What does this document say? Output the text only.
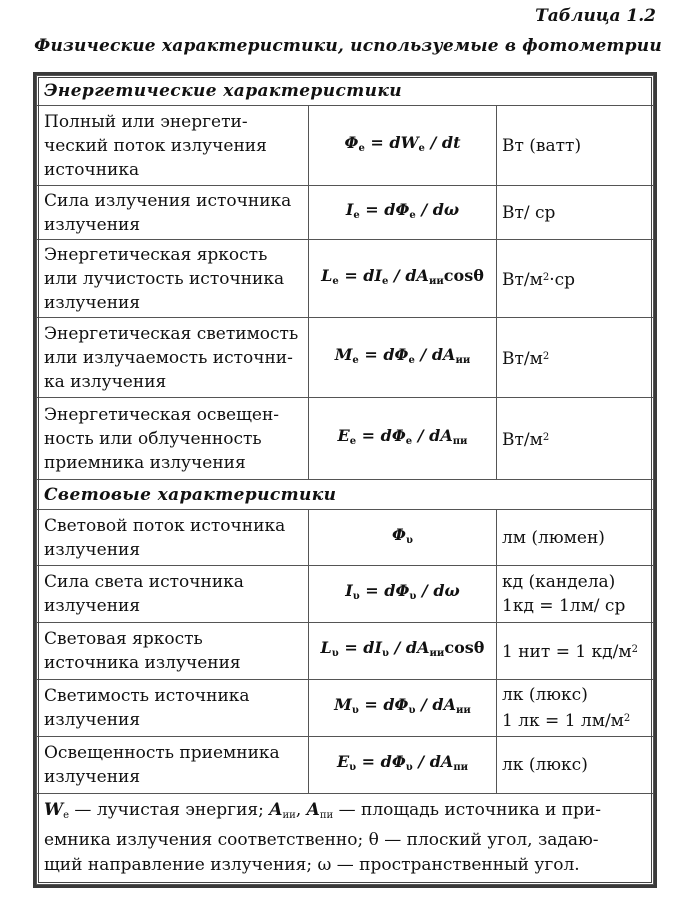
Таблица 1.2
Физические характеристики, используемые в фотометрии
Энергетические характеристики		
Полный или энергети-
ческий поток излучения
источника	$\Phi_e = dW_e$ / dt	Вт (ватт)
Сила излучения источника
излучения	$I_e = d\Phi_e / d\omega$	Вт/ ср
Энергетическая яркость
или лучистость источника
излучения	$L_e = dI_e / dA_{ии}\cos\theta$	$Вт/м^2\cdot ср$
Энергетическая светимость
или излучаемость источни-
ка излучения	$M_e = d\Phi_e / dA_{ии}$	$Вт/м^2$
Энергетическая освещен-
ность или облученность
приемника излучения	$E_e = d\Phi_e / dA_{пи}$	$Вт/м^2$
Световые характеристики		
Световой поток источника
излучения	$\Phi_\upsilon$	лм (люмен)
Сила света источника
излучения	$I_\upsilon = d\Phi_\upsilon / d\omega$	кд (кандела)
1кд = 1лм/ ср
Световая яркость
источника излучения	$L_\upsilon = dI_\upsilon / dA_{ии}\cos\theta$	1 нит = 1 $кд/м^2$
Светимость источника
излучения	$M_\upsilon = d\Phi_\upsilon / dA_{ии}$	лк (люкс)
1 лк = 1 $лм/м^2$
Освещенность приемника
излучения	$E_\upsilon = d\Phi_\upsilon / dA_{пи}$	лк (люкс)
$W_e$ — лучистая энергия; $A_{ии}$, $A_{пи}$ — площадь источника и при-
емника излучения соответственно; θ — плоский угол, задаю-
щий направление излучения; ω — пространственный угол.		
